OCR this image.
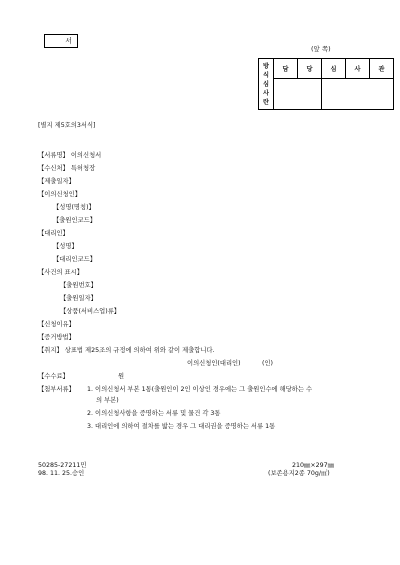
서
(앞 쪽)
방
식
심
사
란	담	당	심	사	관

[별지 제5호의3서식]
【서류명】 이의신청서
【수신처】 특허청장
【제출일자】
【이의신청인】
【성명(명칭)】
【출원인코드】
【대리인】
【성명】
【대리인코드】
【사건의 표시】
【출원번호】
【출원일자】
【상품(서비스업)류】
【신청이유】
【증거방법】
【취지】 상표법 제25조의 규정에 의하여 위와 같이 제출합니다.
이의신청인(대리인)	(인)
【수수료】	원
【첨부서류】 1. 이의신청서 부본 1통(출원인이 2인 이상인 경우에는 그 출원인수에 해당하는 수
의 부본)
2. 이의신청사항을 증명하는 서류 및 물건 각 3통
3. 대리인에 의하여 절차를 밟는 경우 그 대리권을 증명하는 서류 1통
50285-27211민
98. 11. 25.승인
210㎜×297㎜
(보존용지2종 70g/㎡)
